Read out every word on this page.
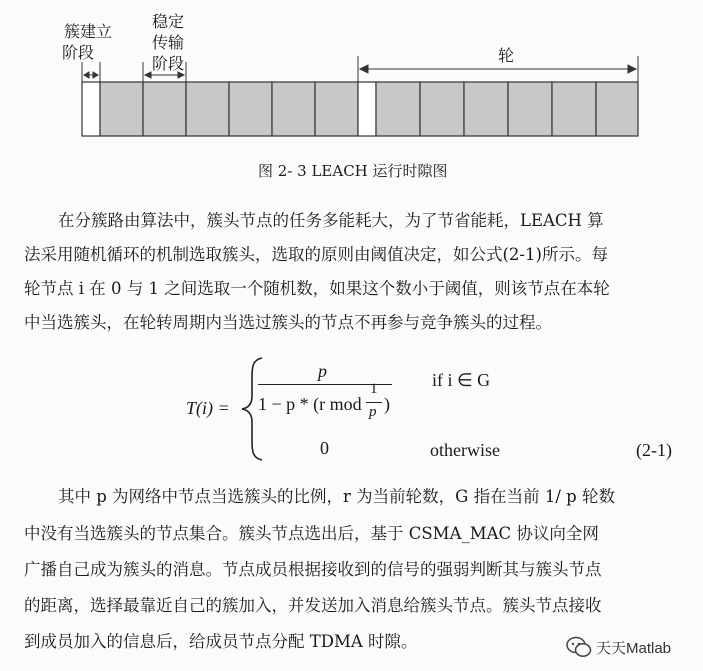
簇建立
阶段
稳定
传输
阶段	轮
图 2- 3 LEACH 运行时隙图
在分簇路由算法中，簇头节点的任务多能耗大，为了节省能耗，LEACH 算
法采用随机循环的机制选取簇头，选取的原则由阈值决定，如公式(2-1)所示。每
轮节点 i 在 0 与 1 之间选取一个随机数，如果这个数小于阈值，则该节点在本轮
中当选簇头，在轮转周期内当选过簇头的节点不再参与竞争簇头的过程。
T(i) =
p
1 − p * (r mod
1
p )
if i ∈ G
0	otherwise	(2-1)
其中 p 为网络中节点当选簇头的比例，r 为当前轮数，G 指在当前 1/ p 轮数
中没有当选簇头的节点集合。簇头节点选出后，基于 CSMA_MAC 协议向全网
广播自己成为簇头的消息。节点成员根据接收到的信号的强弱判断其与簇头节点
的距离，选择最靠近自己的簇加入，并发送加入消息给簇头节点。簇头节点接收
到成员加入的信息后，给成员节点分配 TDMA 时隙。	天天Matlab
